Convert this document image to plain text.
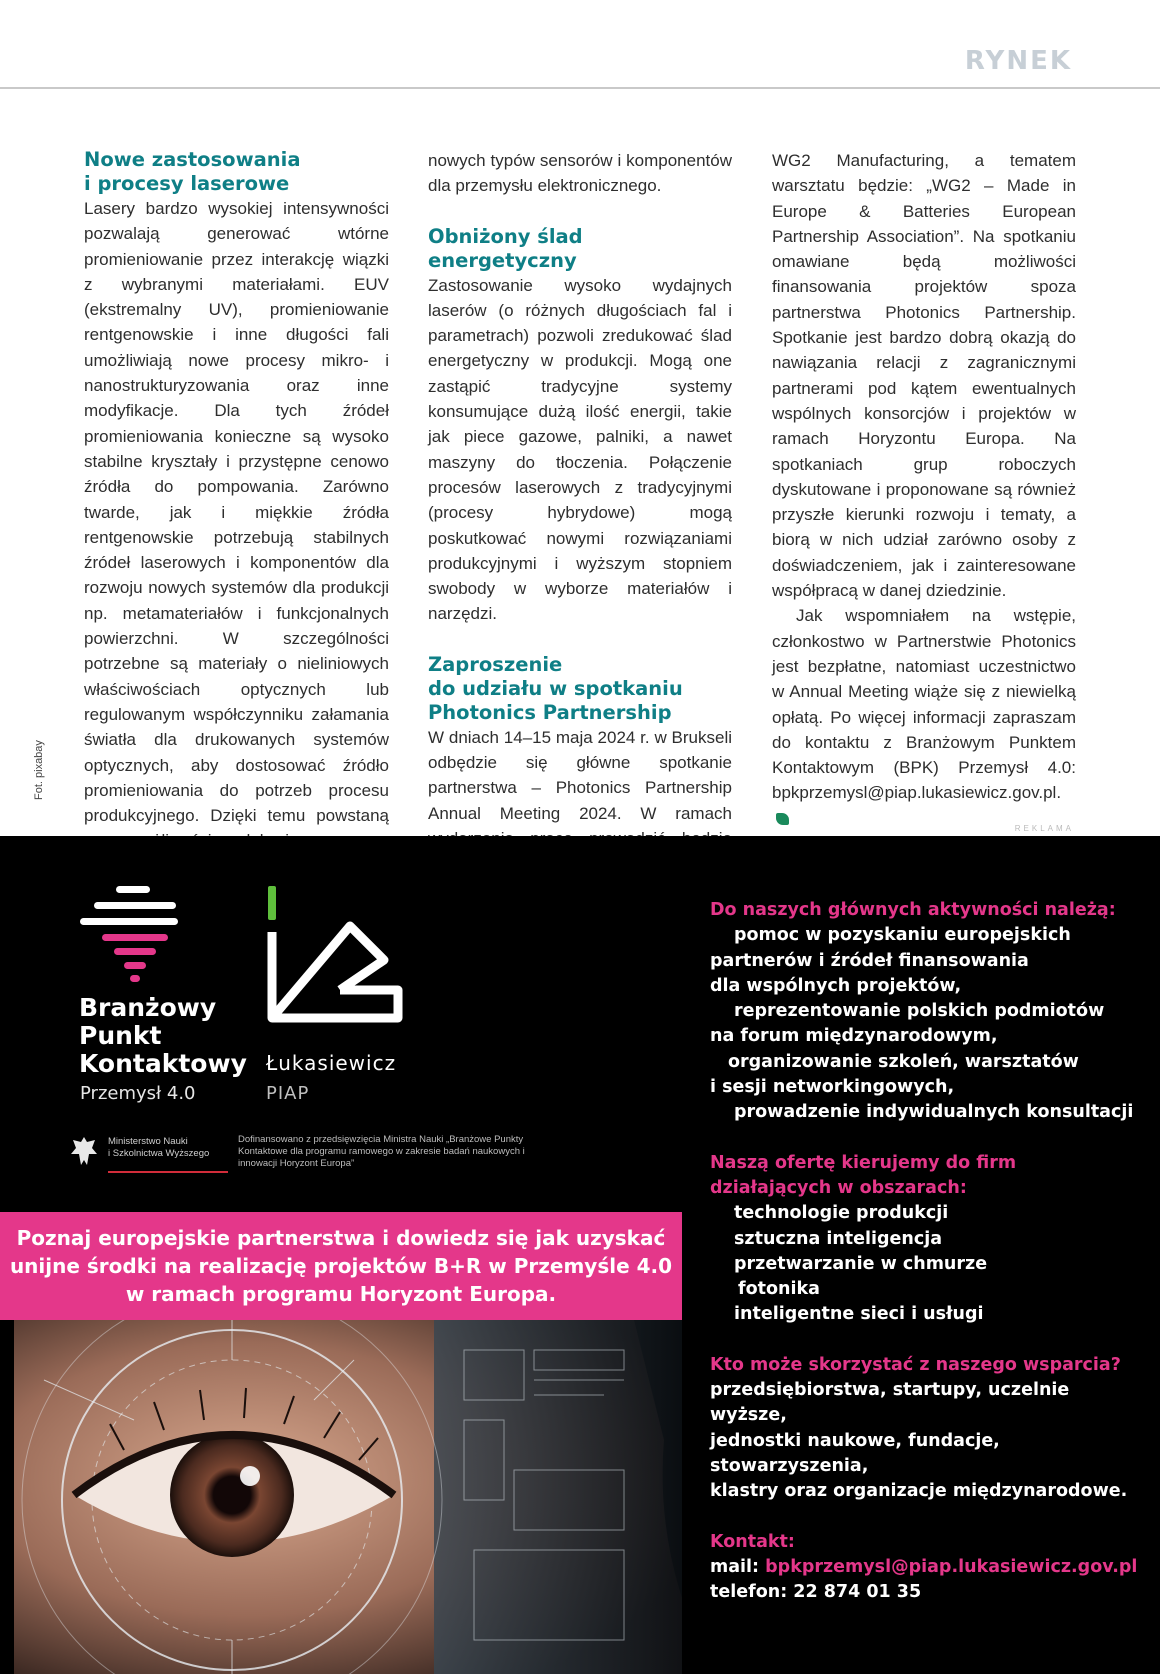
RYNEK
Nowe zastosowania
i procesy laserowe

Lasery bardzo wysokiej intensywności pozwalają generować wtórne promieniowanie przez interakcję wiązki z wybranymi materiałami. EUV (ekstremalny UV), promieniowanie rentgenowskie i inne długości fali umożliwiają nowe procesy mikro- i nanostrukturyzowania oraz inne modyfikacje. Dla tych źródeł promieniowania konieczne są wysoko stabilne kryształy i przystępne cenowo źródła do pompowania. Zarówno twarde, jak i miękkie źródła rentgenowskie potrzebują stabilnych źródeł laserowych i komponentów dla rozwoju nowych systemów dla produkcji np. metamateriałów i funkcjonalnych powierzchni. W szczególności potrzebne są materiały o nieliniowych właściwościach optycznych lub regulowanym współczynniku załamania światła dla drukowanych systemów optycznych, aby dostosować źródło promieniowania do potrzeb procesu produkcyjnego. Dzięki temu powstaną

nowych typów sensorów i komponentów dla przemysłu elektronicznego.

Obniżony ślad energetyczny

Zastosowanie wysoko wydajnych laserów (o różnych długościach fal i parametrach) pozwoli zredukować ślad energetyczny w produkcji. Mogą one zastąpić tradycyjne systemy konsumujące dużą ilość energii, takie jak piece gazowe, palniki, a nawet maszyny do tłoczenia. Połączenie procesów laserowych z tradycyjnymi (procesy hybrydowe) mogą poskutkować nowymi rozwiązaniami produkcyjnymi i wyższym stopniem swobody w wyborze materiałów i narzędzi.

Zaproszenie
do udziału w spotkaniu
Photonics Partnership

W dniach 14–15 maja 2024 r. w Brukseli odbędzie się główne spotkanie partnerstwa – Photonics Partnership Annual Meeting 2024. W ramach

WG2 Manufacturing, a tematem warsztatu będzie: „WG2 – Made in Europe & Batteries European Partnership Association”. Na spotkaniu omawiane będą możliwości finansowania projektów spoza partnerstwa Photonics Partnership. Spotkanie jest bardzo dobrą okazją do nawiązania relacji z zagranicznymi partnerami pod kątem ewentualnych wspólnych konsorcjów i projektów w ramach Horyzontu Europa. Na spotkaniach grup roboczych dyskutowane i proponowane są również przyszłe kierunki rozwoju i tematy, a biorą w nich udział zarówno osoby z doświadczeniem, jak i zainteresowane współpracą w danej dziedzinie.

Jak wspomniałem na wstępie, członkostwo w Partnerstwie Photonics jest bezpłatne, natomiast uczestnictwo w Annual Meeting wiąże się z niewielką opłatą. Po więcej informacji zapraszam do kontaktu z Branżowym Punktem Kontaktowym (BPK) Przemysł 4.0: bpkprzemysl@piap.lukasiewicz.gov.pl.

Fot. pixabay
REKLAMA
Branżowy
Punkt
Kontaktowy
Przemysł 4.0
Łukasiewicz
PIAP
Ministerstwo Nauki
i Szkolnictwa Wyższego
Dofinansowano z przedsięwzięcia Ministra Nauki „Branżowe Punkty Kontaktowe dla programu ramowego w zakresie badań naukowych i innowacji Horyzont Europa”

Poznaj europejskie partnerstwa i dowiedz się jak uzyskać

unijne środki na realizację projektów B+R w Przemyśle 4.0

w ramach programu Horyzont Europa.

Do naszych głównych aktywności należą:
pomoc w pozyskaniu europejskich
partnerów i źródeł finansowania
dla wspólnych projektów,
reprezentowanie polskich podmiotów
na forum międzynarodowym,
organizowanie szkoleń, warsztatów
i sesji networkingowych,
prowadzenie indywidualnych konsultacji
Naszą ofertę kierujemy do firm
działających w obszarach:
technologie produkcji
sztuczna inteligencja
przetwarzanie w chmurze
fotonika
inteligentne sieci i usługi
Kto może skorzystać z naszego wsparcia?
przedsiębiorstwa, startupy, uczelnie wyższe,
jednostki naukowe, fundacje,
stowarzyszenia,
klastry oraz organizacje międzynarodowe.
Kontakt:
mail: bpkprzemysl@piap.lukasiewicz.gov.pl
telefon: 22 874 01 35
